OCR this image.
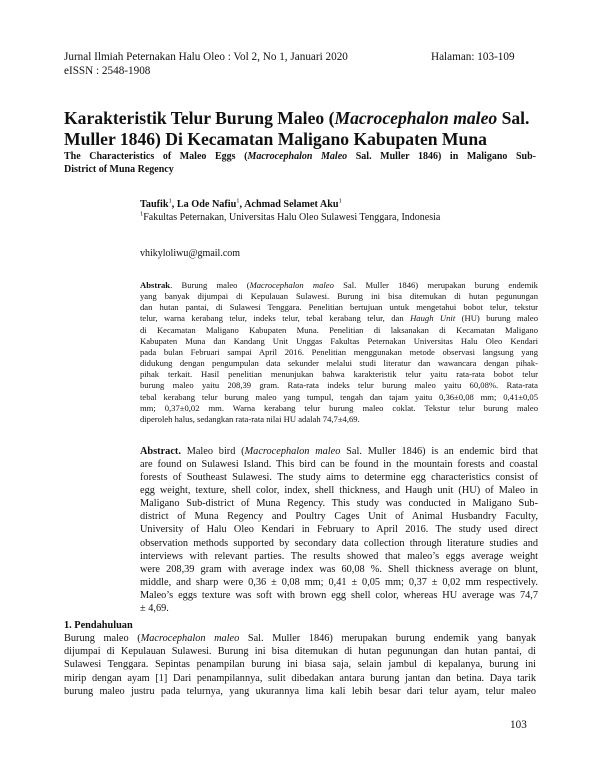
Jurnal Ilmiah Peternakan Halu Oleo : Vol 2, No 1, Januari 2020	Halaman: 103-109
eISSN : 2548-1908
Karakteristik Telur Burung Maleo (Macrocephalon maleo Sal.
Muller 1846) Di Kecamatan Maligano Kabupaten Muna
The Characteristics of Maleo Eggs (Macrocephalon Maleo Sal. Muller 1846) in Maligano Sub-
District of Muna Regency
Taufik$^1$, La Ode Nafiu$^1$, Achmad Selamet Aku$^1$
$^1$Fakultas Peternakan, Universitas Halu Oleo Sulawesi Tenggara, Indonesia
vhikyloliwu@gmail.com
Abstrak. Burung maleo (Macrocephalon maleo Sal. Muller 1846) merupakan burung endemik
yang banyak dijumpai di Kepulauan Sulawesi. Burung ini bisa ditemukan di hutan pegunungan
dan hutan pantai, di Sulawesi Tenggara. Penelitian bertujuan untuk mengetahui bobot telur, tekstur
telur, warna kerabang telur, indeks telur, tebal kerabang telur, dan Haugh Unit (HU) burung maleo
di Kecamatan Maligano Kabupaten Muna. Penelitian di laksanakan di Kecamatan Maligano
Kabupaten Muna dan Kandang Unit Unggas Fakultas Peternakan Universitas Halu Oleo Kendari
pada bulan Februari sampai April 2016. Penelitian menggunakan metode observasi langsung yang
didukung dengan pengumpulan data sekunder melalui studi literatur dan wawancara dengan pihak-
pihak terkait. Hasil penelitian menunjukan bahwa karakteristik telur yaitu rata-rata bobot telur
burung maleo yaitu 208,39 gram. Rata-rata indeks telur burung maleo yaitu 60,08%. Rata-rata
tebal kerabang telur burung maleo yang tumpul, tengah dan tajam yaitu 0,36±0,08 mm; 0,41±0,05
mm; 0,37±0,02 mm. Warna kerabang telur burung maleo coklat. Tekstur telur burung maleo
diperoleh halus, sedangkan rata-rata nilai HU adalah 74,7±4,69.
Abstract. Maleo bird (Macrocephalon maleo Sal. Muller 1846) is an endemic bird that
are found on Sulawesi Island. This bird can be found in the mountain forests and coastal
forests of Southeast Sulawesi. The study aims to determine egg characteristics consist of
egg weight, texture, shell color, index, shell thickness, and Haugh unit (HU) of Maleo in
Maligano Sub-district of Muna Regency. This study was conducted in Maligano Sub-
district of Muna Regency and Poultry Cages Unit of Animal Husbandry Faculty,
University of Halu Oleo Kendari in February to April 2016. The study used direct
observation methods supported by secondary data collection through literature studies and
interviews with relevant parties. The results showed that maleo’s eggs average weight
were 208,39 gram with average index was 60,08 %. Shell thickness average on blunt,
middle, and sharp were 0,36 ± 0,08 mm; 0,41 ± 0,05 mm; 0,37 ± 0,02 mm respectively.
Maleo’s eggs texture was soft with brown egg shell color, whereas HU average was 74,7
± 4,69.
1. Pendahuluan
Burung maleo (Macrocephalon maleo Sal. Muller 1846) merupakan burung endemik yang banyak
dijumpai di Kepulauan Sulawesi. Burung ini bisa ditemukan di hutan pegunungan dan hutan pantai, di
Sulawesi Tenggara. Sepintas penampilan burung ini biasa saja, selain jambul di kepalanya, burung ini
mirip dengan ayam [1] Dari penampilannya, sulit dibedakan antara burung jantan dan betina. Daya tarik
burung maleo justru pada telurnya, yang ukurannya lima kali lebih besar dari telur ayam, telur maleo
103
